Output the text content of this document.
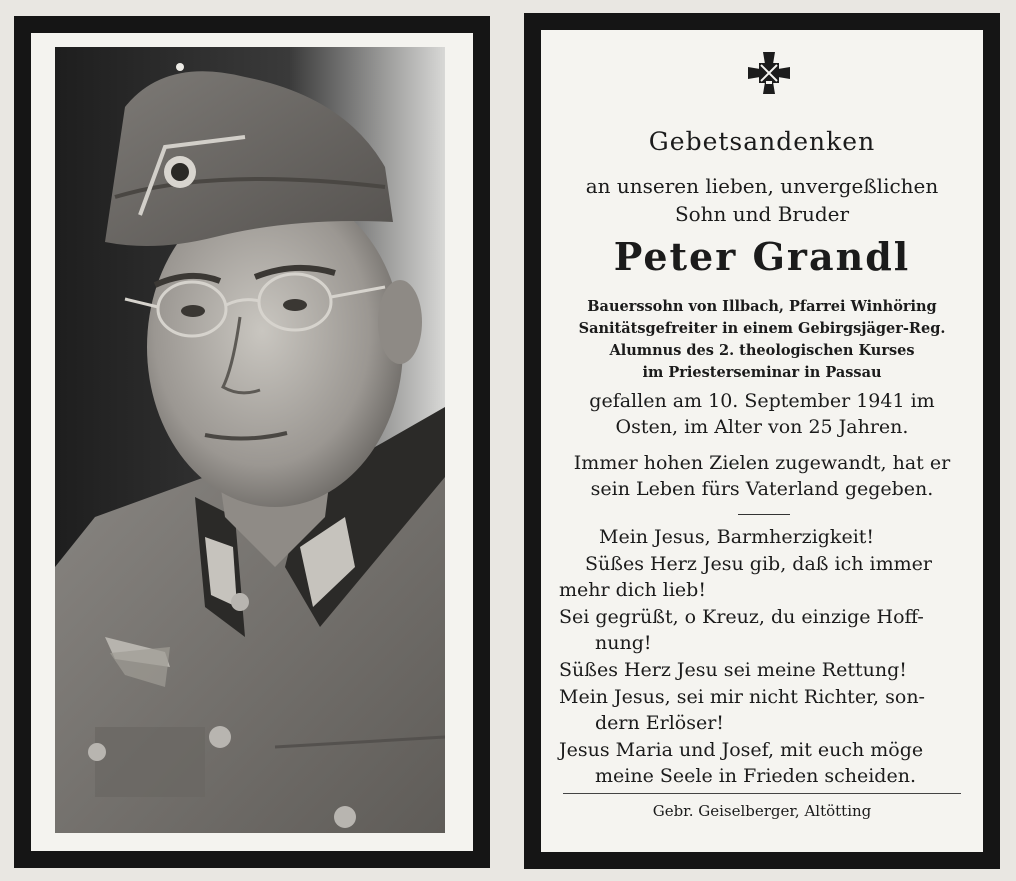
Gebetsandenken
an unseren lieben, unvergeßlichen
Sohn und Bruder
Peter Grandl
Bauerssohn von Illbach, Pfarrei Winhöring
Sanitätsgefreiter in einem Gebirgsjäger-Reg.
Alumnus des 2. theologischen Kurses
im Priesterseminar in Passau
gefallen am 10. September 1941 im
Osten, im Alter von 25 Jahren.
Immer hohen Zielen zugewandt, hat er
sein Leben fürs Vaterland gegeben.

Mein Jesus, Barmherzigkeit!

Süßes Herz Jesu gib, daß ich immer

mehr dich lieb!

Sei gegrüßt, o Kreuz, du einzige Hoff-

nung!

Süßes Herz Jesu sei meine Rettung!

Mein Jesus, sei mir nicht Richter, son-

dern Erlöser!

Jesus Maria und Josef, mit euch möge

meine Seele in Frieden scheiden.

Gebr. Geiselberger, Altötting
